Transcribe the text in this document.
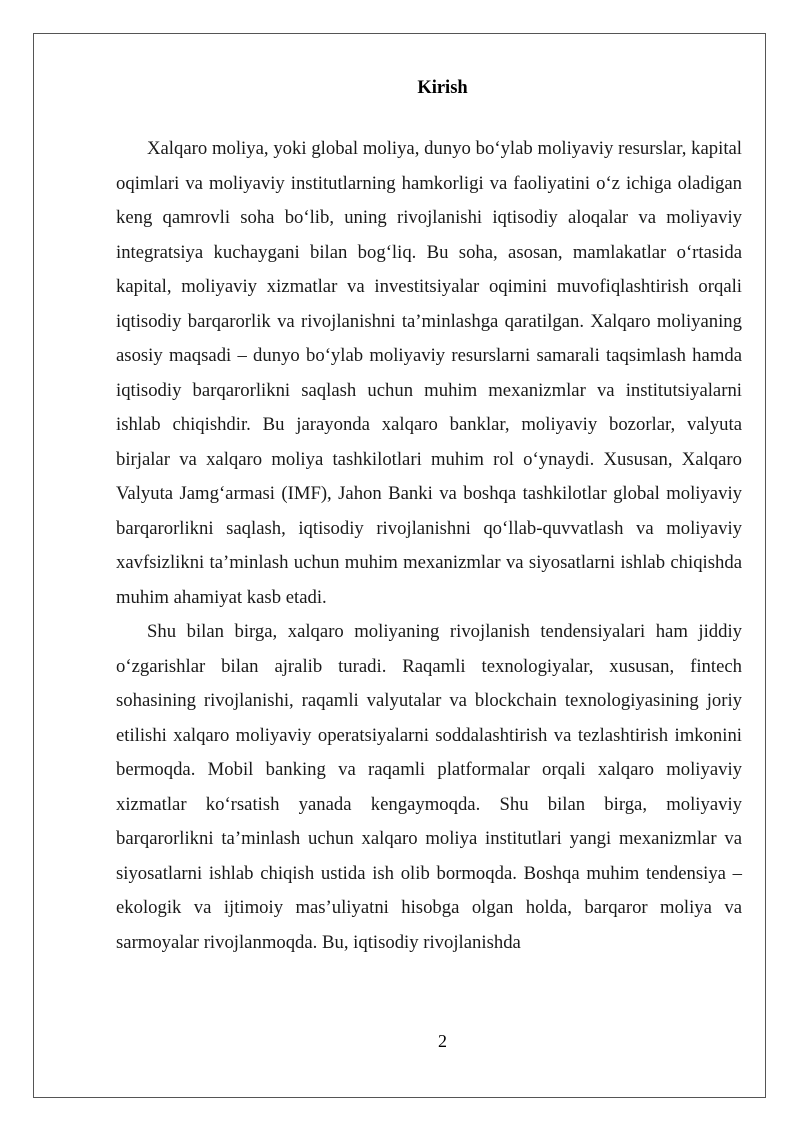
Kirish

Xalqaro moliya, yoki global moliya, dunyo bo‘ylab moliyaviy resurslar, kapital oqimlari va moliyaviy institutlarning hamkorligi va faoliyatini o‘z ichiga oladigan keng qamrovli soha bo‘lib, uning rivojlanishi iqtisodiy aloqalar va moliyaviy integratsiya kuchaygani bilan bog‘liq. Bu soha, asosan, mamlakatlar o‘rtasida kapital, moliyaviy xizmatlar va investitsiyalar oqimini muvofiqlashtirish orqali iqtisodiy barqarorlik va rivojlanishni ta’minlashga qaratilgan. Xalqaro moliyaning asosiy maqsadi – dunyo bo‘ylab moliyaviy resurslarni samarali taqsimlash hamda iqtisodiy barqarorlikni saqlash uchun muhim mexanizmlar va institutsiyalarni ishlab chiqishdir. Bu jarayonda xalqaro banklar, moliyaviy bozorlar, valyuta birjalar va xalqaro moliya tashkilotlari muhim rol o‘ynaydi. Xususan, Xalqaro Valyuta Jamg‘armasi (IMF), Jahon Banki va boshqa tashkilotlar global moliyaviy barqarorlikni saqlash, iqtisodiy rivojlanishni qo‘llab-quvvatlash va moliyaviy xavfsizlikni ta’minlash uchun muhim mexanizmlar va siyosatlarni ishlab chiqishda muhim ahamiyat kasb etadi.

Shu bilan birga, xalqaro moliyaning rivojlanish tendensiyalari ham jiddiy o‘zgarishlar bilan ajralib turadi. Raqamli texnologiyalar, xususan, fintech sohasining rivojlanishi, raqamli valyutalar va blockchain texnologiyasining joriy etilishi xalqaro moliyaviy operatsiyalarni soddalashtirish va tezlashtirish imkonini bermoqda. Mobil banking va raqamli platformalar orqali xalqaro moliyaviy xizmatlar ko‘rsatish yanada kengaymoqda. Shu bilan birga, moliyaviy barqarorlikni ta’minlash uchun xalqaro moliya institutlari yangi mexanizmlar va siyosatlarni ishlab chiqish ustida ish olib bormoqda. Boshqa muhim tendensiya – ekologik va ijtimoiy mas’uliyatni hisobga olgan holda, barqaror moliya va sarmoyalar rivojlanmoqda. Bu, iqtisodiy rivojlanishda

2
